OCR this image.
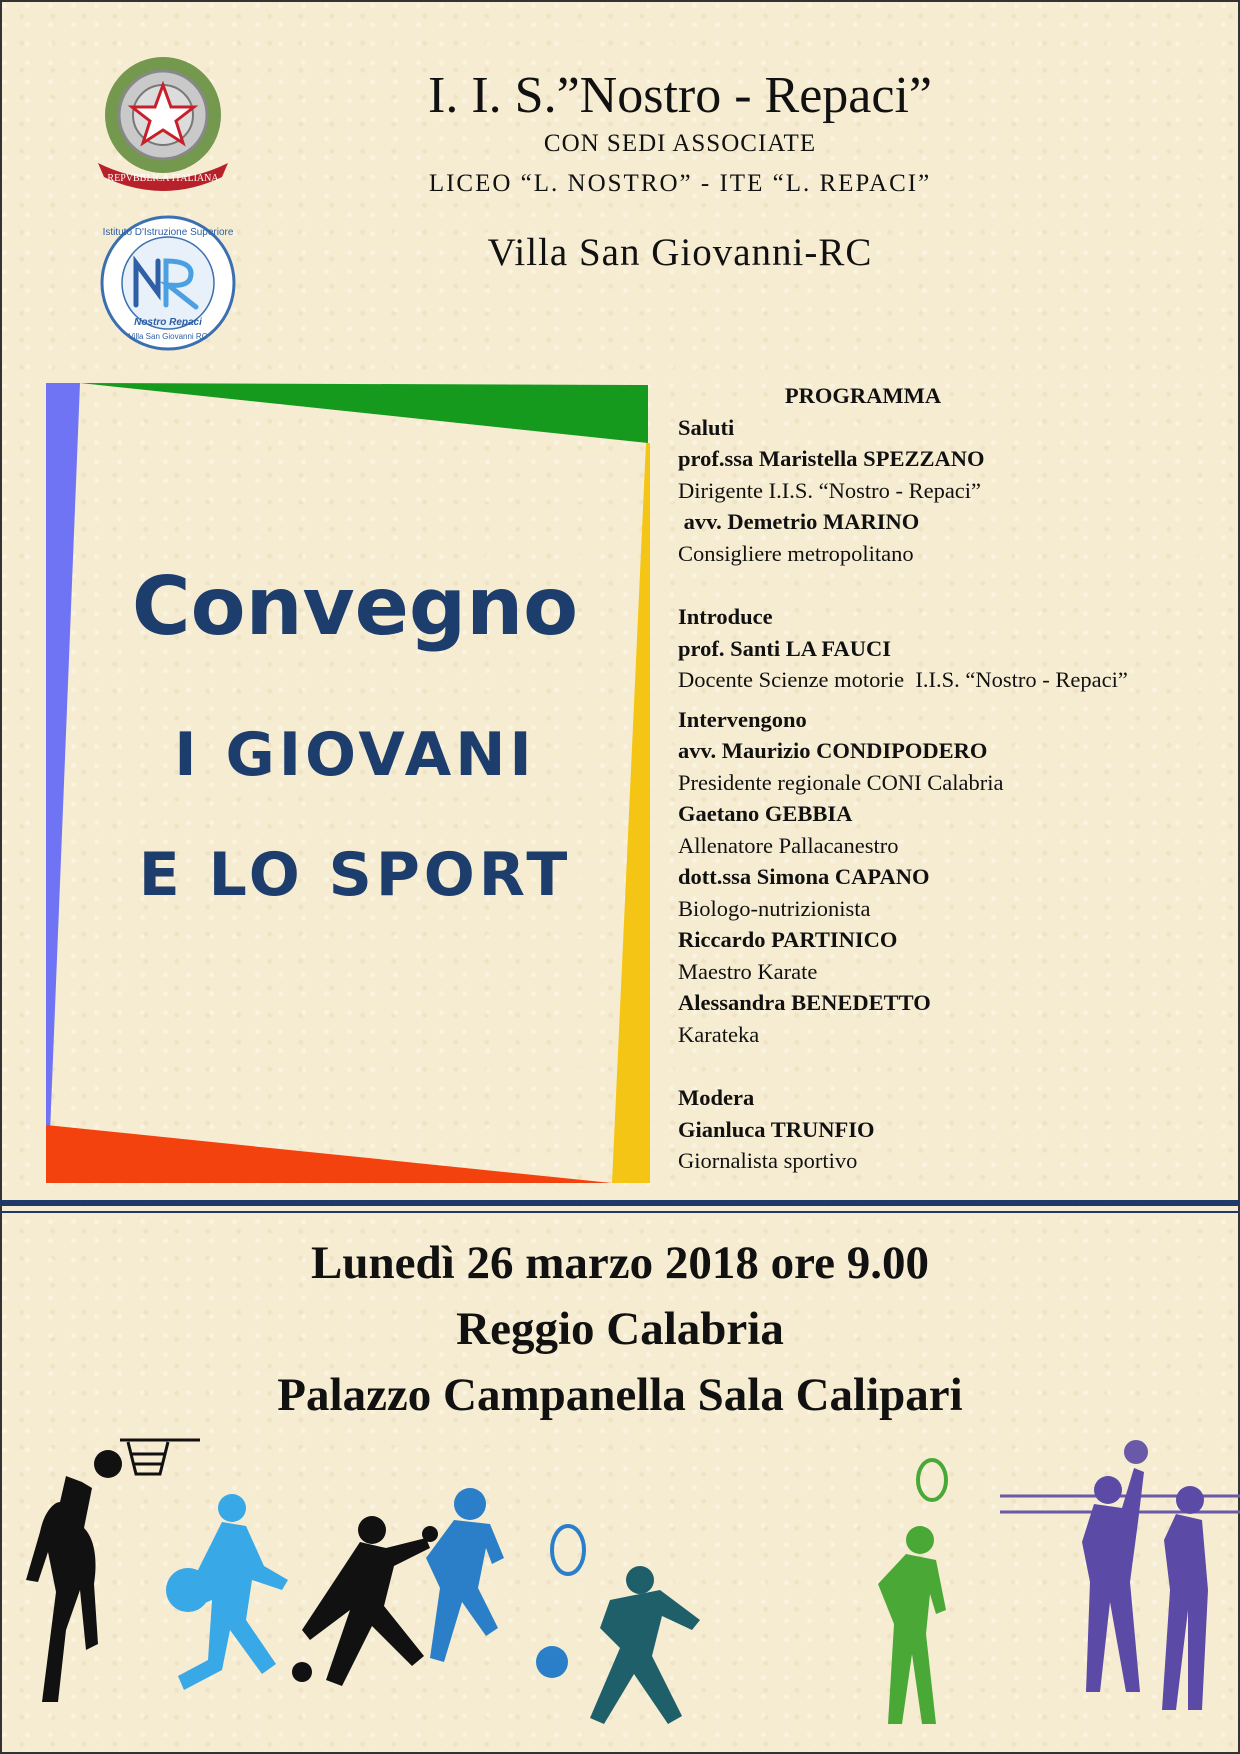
REPVBBLICA ITALIANA
Istituto D'Istruzione Superiore
Nostro Repaci
Villa San Giovanni RC
I. I. S.”Nostro - Repaci”
CON SEDI ASSOCIATE
LICEO “L. NOSTRO” - ITE “L. REPACI”
Villa San Giovanni-RC
Convegno
I GIOVANI
E LO SPORT
PROGRAMMA
Saluti
prof.ssa Maristella SPEZZANO
Dirigente I.I.S. “Nostro - Repaci”
avv. Demetrio MARINO
Consigliere metropolitano
Introduce
prof. Santi LA FAUCI
Docente Scienze motorie  I.I.S. “Nostro - Repaci”
Intervengono
avv. Maurizio CONDIPODERO
Presidente regionale CONI Calabria
Gaetano GEBBIA
Allenatore Pallacanestro
dott.ssa Simona CAPANO
Biologo-nutrizionista
Riccardo PARTINICO
Maestro Karate
Alessandra BENEDETTO
Karateka
Modera
Gianluca TRUNFIO
Giornalista sportivo
Lunedì 26 marzo 2018 ore 9.00
Reggio Calabria
Palazzo Campanella Sala Calipari
